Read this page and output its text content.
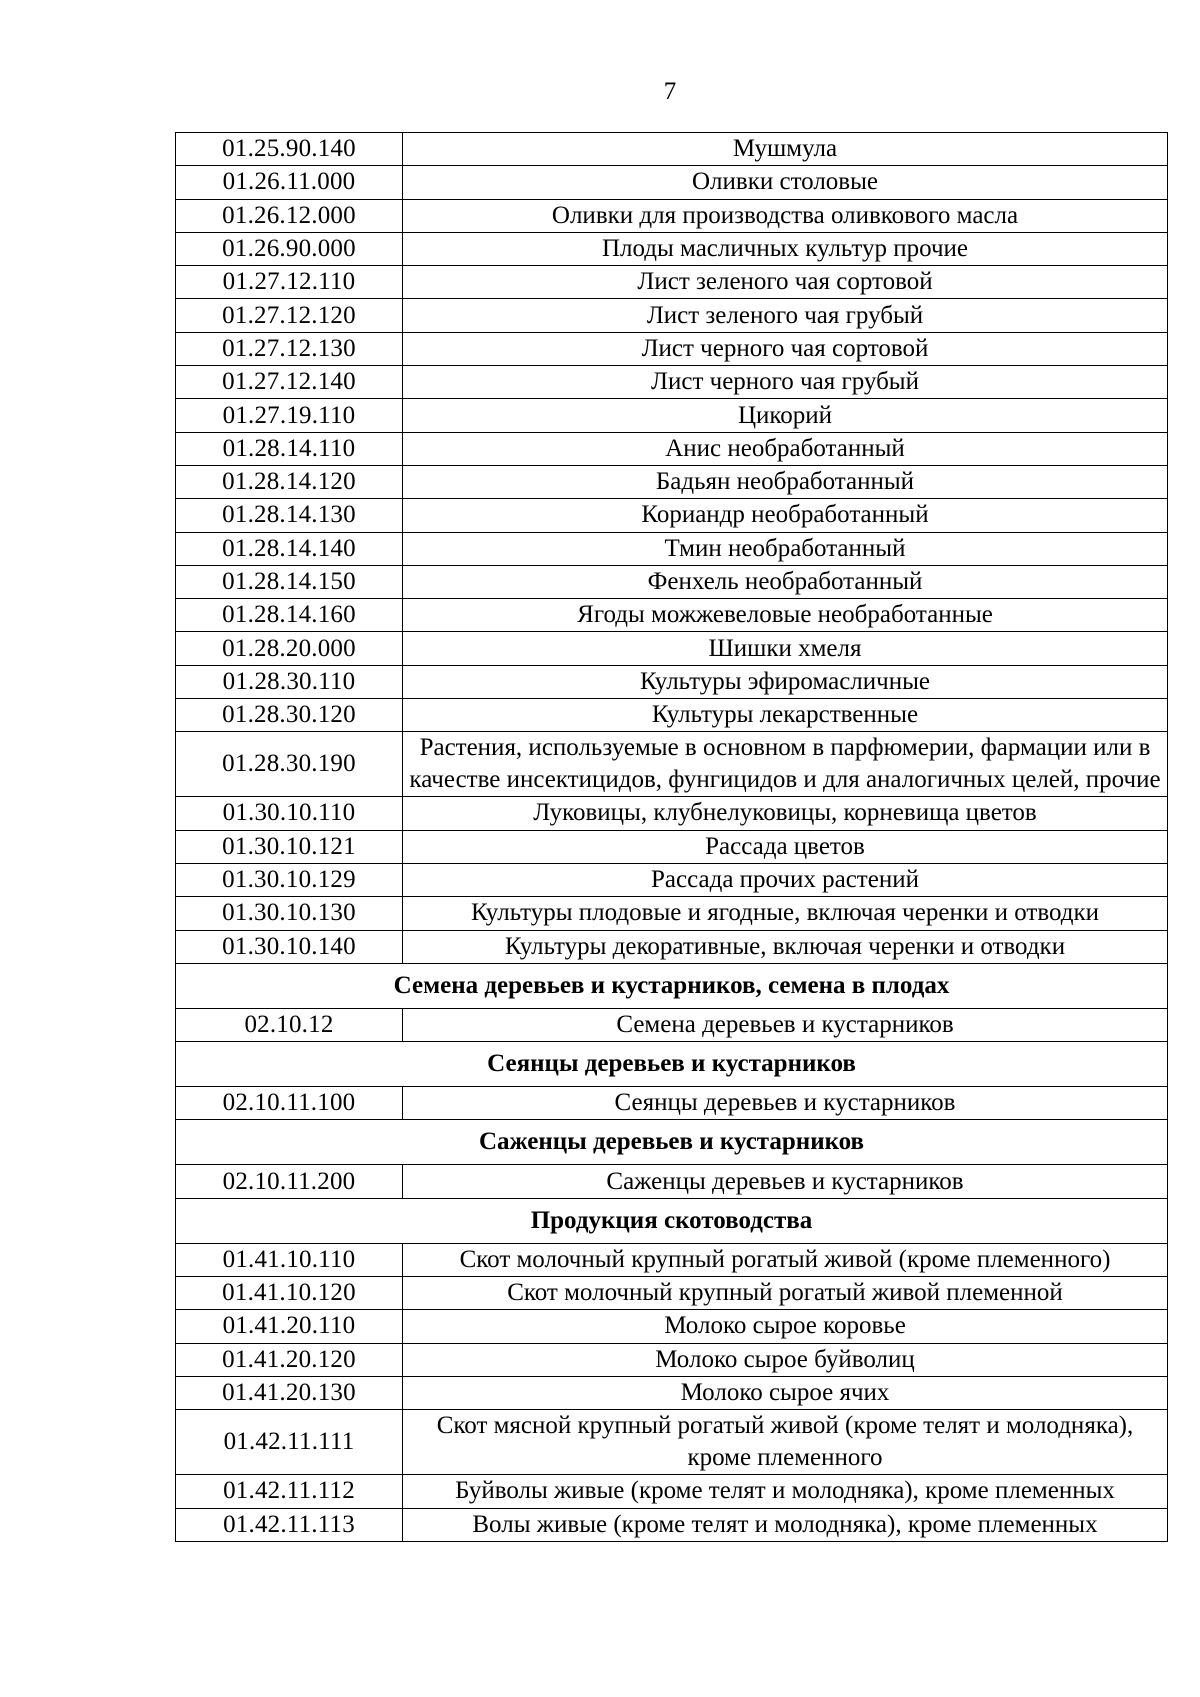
7
01.25.90.140	Мушмула
01.26.11.000	Оливки столовые
01.26.12.000	Оливки для производства оливкового масла
01.26.90.000	Плоды масличных культур прочие
01.27.12.110	Лист зеленого чая сортовой
01.27.12.120	Лист зеленого чая грубый
01.27.12.130	Лист черного чая сортовой
01.27.12.140	Лист черного чая грубый
01.27.19.110	Цикорий
01.28.14.110	Анис необработанный
01.28.14.120	Бадьян необработанный
01.28.14.130	Кориандр необработанный
01.28.14.140	Тмин необработанный
01.28.14.150	Фенхель необработанный
01.28.14.160	Ягоды можжевеловые необработанные
01.28.20.000	Шишки хмеля
01.28.30.110	Культуры эфиромасличные
01.28.30.120	Культуры лекарственные
01.28.30.190	Растения, используемые в основном в парфюмерии, фармации или в качестве инсектицидов, фунгицидов и для аналогичных целей, прочие
01.30.10.110	Луковицы, клубнелуковицы, корневища цветов
01.30.10.121	Рассада цветов
01.30.10.129	Рассада прочих растений
01.30.10.130	Культуры плодовые и ягодные, включая черенки и отводки
01.30.10.140	Культуры декоративные, включая черенки и отводки
Семена деревьев и кустарников, семена в плодах	
02.10.12	Семена деревьев и кустарников
Сеянцы деревьев и кустарников	
02.10.11.100	Сеянцы деревьев и кустарников
Саженцы деревьев и кустарников	
02.10.11.200	Саженцы деревьев и кустарников
Продукция скотоводства	
01.41.10.110	Скот молочный крупный рогатый живой (кроме племенного)
01.41.10.120	Скот молочный крупный рогатый живой племенной
01.41.20.110	Молоко сырое коровье
01.41.20.120	Молоко сырое буйволиц
01.41.20.130	Молоко сырое ячих
01.42.11.111	Скот мясной крупный рогатый живой (кроме телят и молодняка), кроме племенного
01.42.11.112	Буйволы живые (кроме телят и молодняка), кроме племенных
01.42.11.113	Волы живые (кроме телят и молодняка), кроме племенных
